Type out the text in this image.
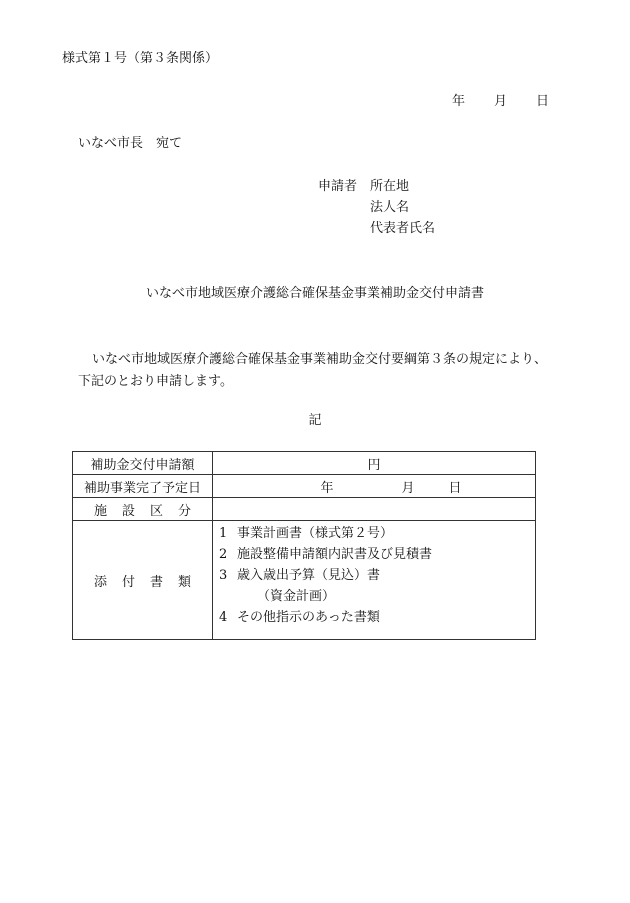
様式第１号（第３条関係）
年 月 日
いなべ市長　宛て
申請者 所在地
法人名
代表者氏名
いなべ市地域医療介護総合確保基金事業補助金交付申請書
いなべ市地域医療介護総合確保基金事業補助金交付要綱第３条の規定により、
下記のとおり申請します。
記
補助金交付申請額	円
補助事業完了予定日	年 月 日

施 設 区 分	
添 付 書 類	1 事業計画書（様式第２号）
2 施設整備申請額内訳書及び見積書
3 歳入歳出予算（見込）書
（資金計画）
4 その他指示のあった書類
